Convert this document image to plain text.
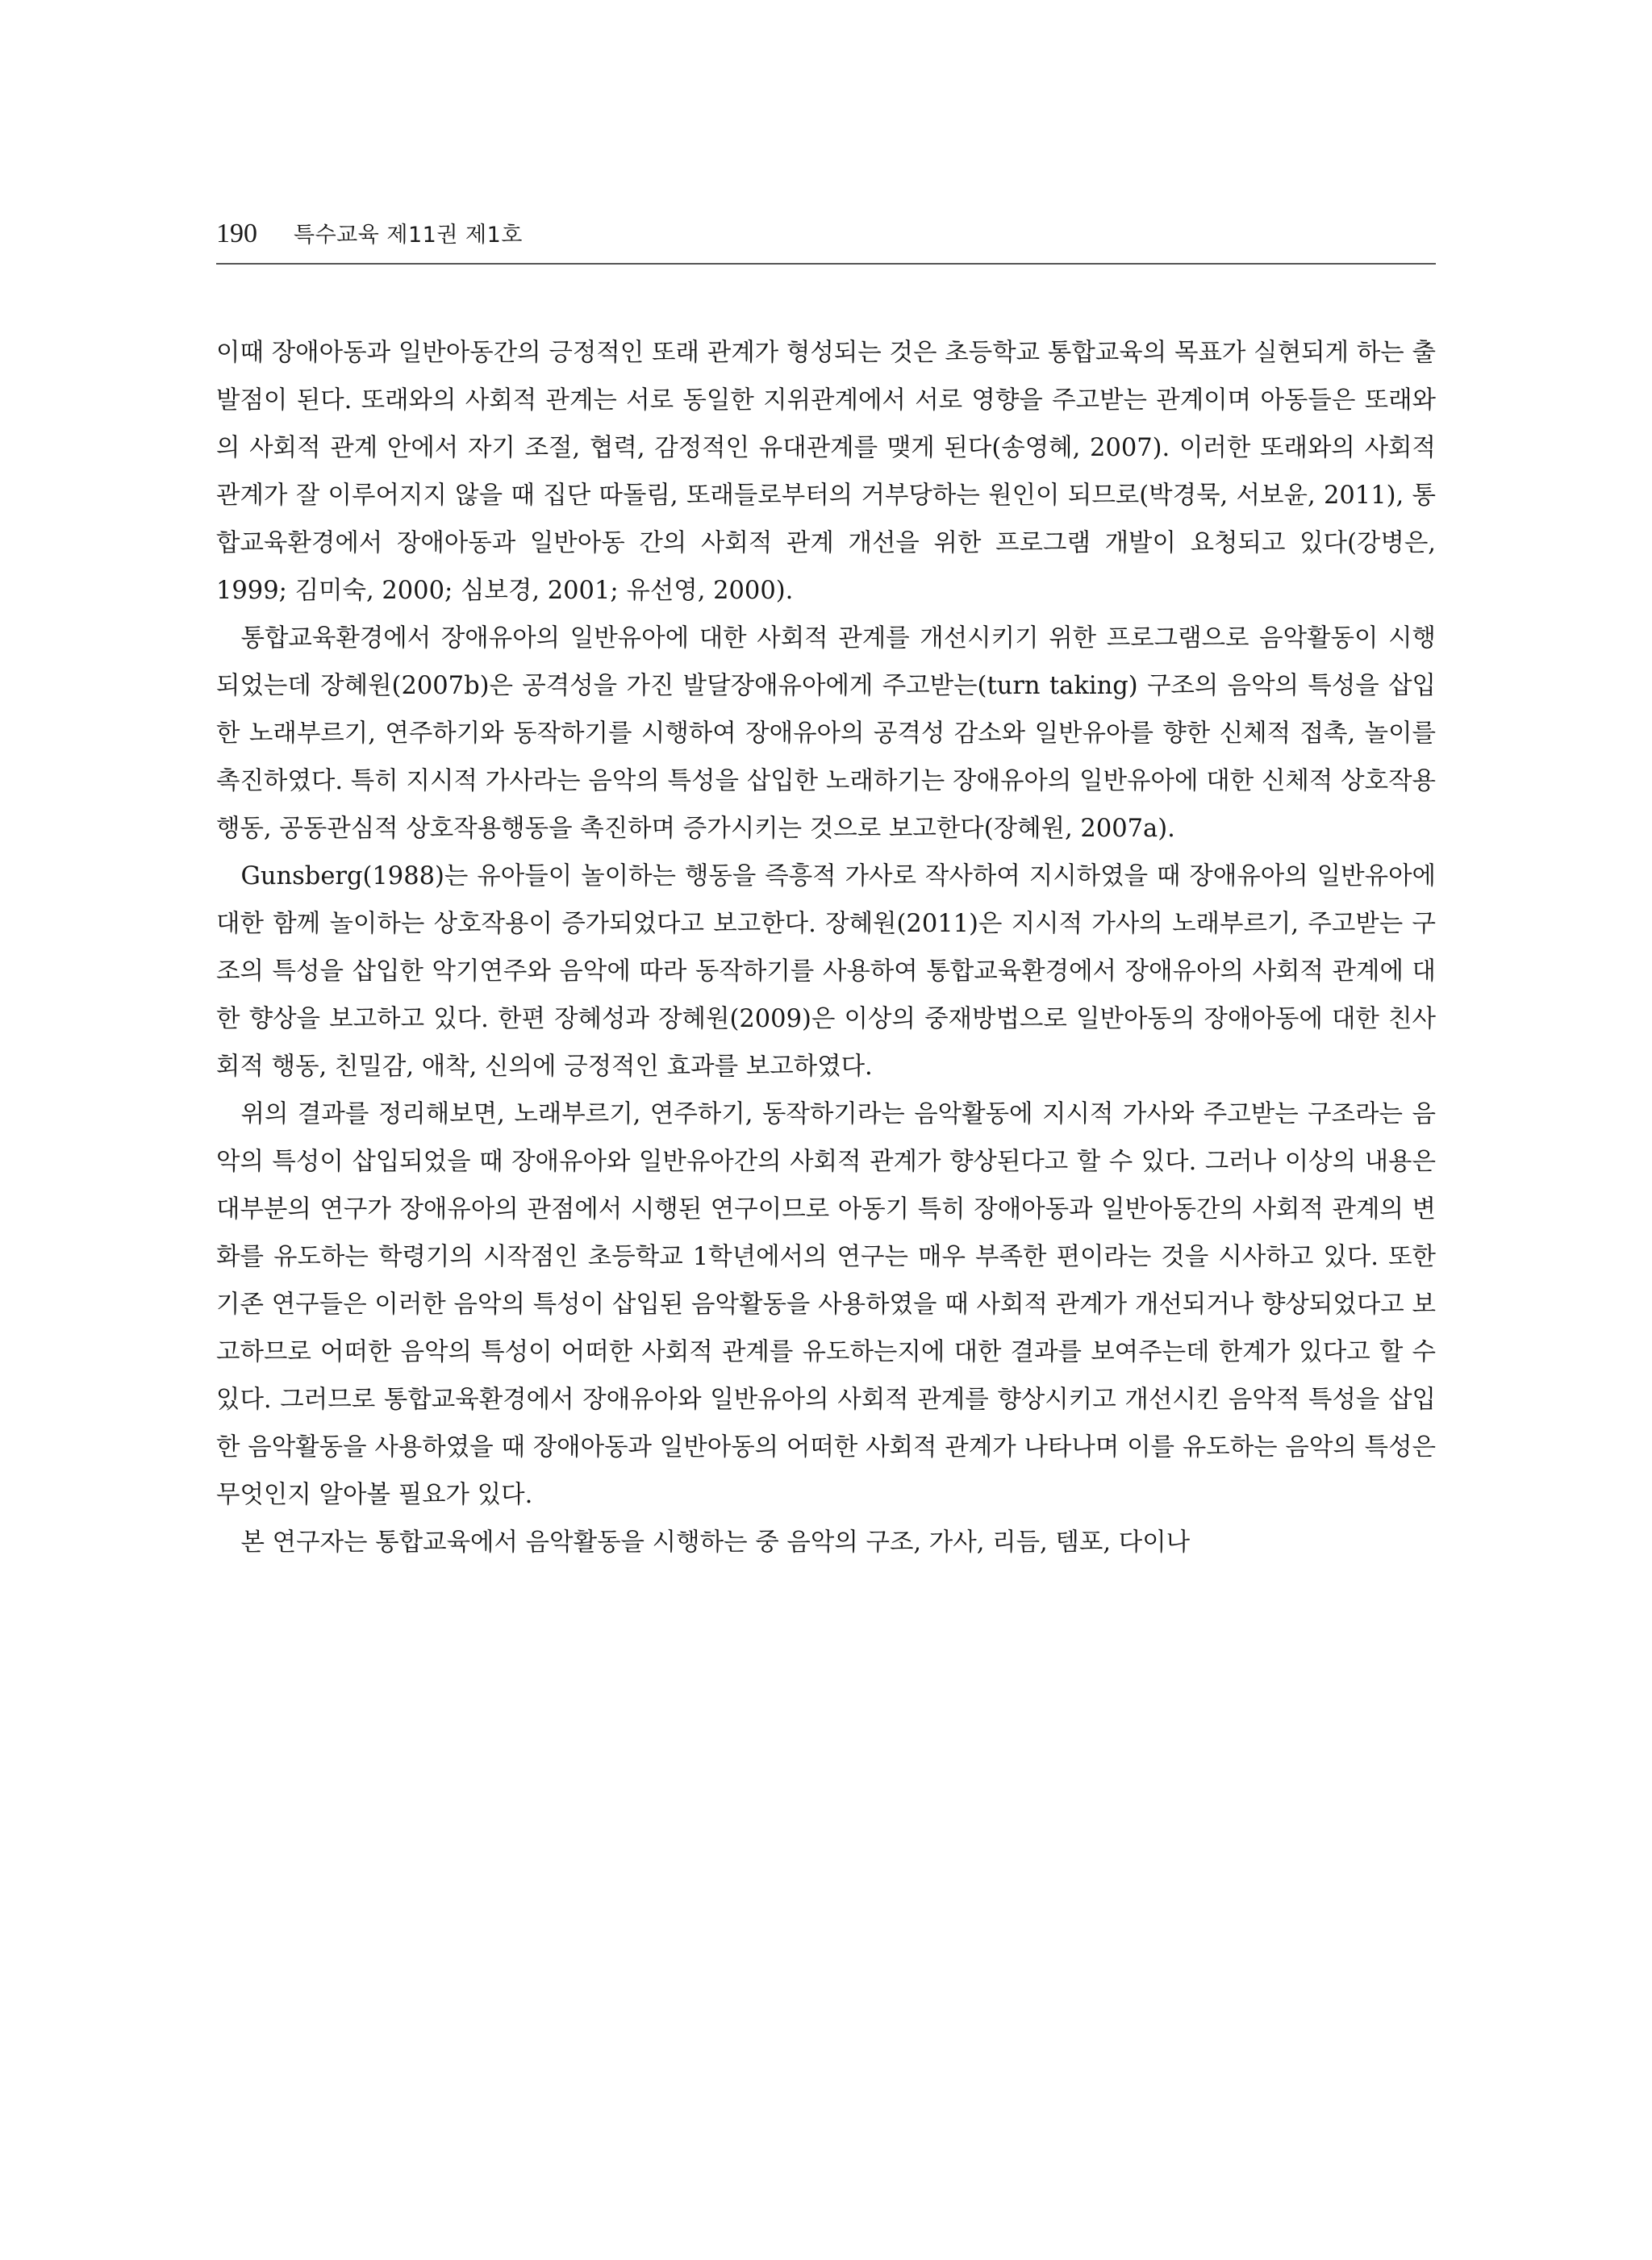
190 특수교육 제11권 제1호

이때 장애아동과 일반아동간의 긍정적인 또래 관계가 형성되는 것은 초등학교 통합교육의 목표가 실현되게 하는 출발점이 된다. 또래와의 사회적 관계는 서로 동일한 지위관계에서 서로 영향을 주고받는 관계이며 아동들은 또래와의 사회적 관계 안에서 자기 조절, 협력, 감정적인 유대관계를 맺게 된다(송영혜, 2007). 이러한 또래와의 사회적 관계가 잘 이루어지지 않을 때 집단 따돌림, 또래들로부터의 거부당하는 원인이 되므로(박경묵, 서보윤, 2011), 통합교육환경에서 장애아동과 일반아동 간의 사회적 관계 개선을 위한 프로그램 개발이 요청되고 있다(강병은, 1999; 김미숙, 2000; 심보경, 2001; 유선영, 2000).

통합교육환경에서 장애유아의 일반유아에 대한 사회적 관계를 개선시키기 위한 프로그램으로 음악활동이 시행되었는데 장혜원(2007b)은 공격성을 가진 발달장애유아에게 주고받는(turn taking) 구조의 음악의 특성을 삽입한 노래부르기, 연주하기와 동작하기를 시행하여 장애유아의 공격성 감소와 일반유아를 향한 신체적 접촉, 놀이를 촉진하였다. 특히 지시적 가사라는 음악의 특성을 삽입한 노래하기는 장애유아의 일반유아에 대한 신체적 상호작용행동, 공동관심적 상호작용행동을 촉진하며 증가시키는 것으로 보고한다(장혜원, 2007a).

Gunsberg(1988)는 유아들이 놀이하는 행동을 즉흥적 가사로 작사하여 지시하였을 때 장애유아의 일반유아에 대한 함께 놀이하는 상호작용이 증가되었다고 보고한다. 장혜원(2011)은 지시적 가사의 노래부르기, 주고받는 구조의 특성을 삽입한 악기연주와 음악에 따라 동작하기를 사용하여 통합교육환경에서 장애유아의 사회적 관계에 대한 향상을 보고하고 있다. 한편 장혜성과 장혜원(2009)은 이상의 중재방법으로 일반아동의 장애아동에 대한 친사회적 행동, 친밀감, 애착, 신의에 긍정적인 효과를 보고하였다.

위의 결과를 정리해보면, 노래부르기, 연주하기, 동작하기라는 음악활동에 지시적 가사와 주고받는 구조라는 음악의 특성이 삽입되었을 때 장애유아와 일반유아간의 사회적 관계가 향상된다고 할 수 있다. 그러나 이상의 내용은 대부분의 연구가 장애유아의 관점에서 시행된 연구이므로 아동기 특히 장애아동과 일반아동간의 사회적 관계의 변화를 유도하는 학령기의 시작점인 초등학교 1학년에서의 연구는 매우 부족한 편이라는 것을 시사하고 있다. 또한 기존 연구들은 이러한 음악의 특성이 삽입된 음악활동을 사용하였을 때 사회적 관계가 개선되거나 향상되었다고 보고하므로 어떠한 음악의 특성이 어떠한 사회적 관계를 유도하는지에 대한 결과를 보여주는데 한계가 있다고 할 수 있다. 그러므로 통합교육환경에서 장애유아와 일반유아의 사회적 관계를 향상시키고 개선시킨 음악적 특성을 삽입한 음악활동을 사용하였을 때 장애아동과 일반아동의 어떠한 사회적 관계가 나타나며 이를 유도하는 음악의 특성은 무엇인지 알아볼 필요가 있다.

본 연구자는 통합교육에서 음악활동을 시행하는 중 음악의 구조, 가사, 리듬, 템포, 다이나
